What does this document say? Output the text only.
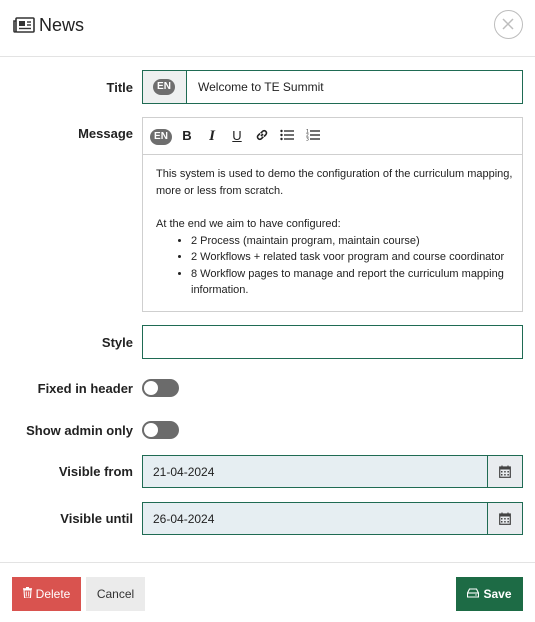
News
Title	EN	Welcome to TE Summit
Message	EN	B	I	U	1
2
3

This system is used to demo the configuration of the curriculum mapping, more or less from scratch.

At the end we aim to have configured:

• 2 Process (maintain program, maintain course)
• 2 Workflows + related task voor program and course coordinator
• 8 Workflow pages to manage and report the curriculum mapping information.
Style
Fixed in header
Show admin only
Visible from 21-04-2024
Visible until 26-04-2024
Delete	Cancel	Save
